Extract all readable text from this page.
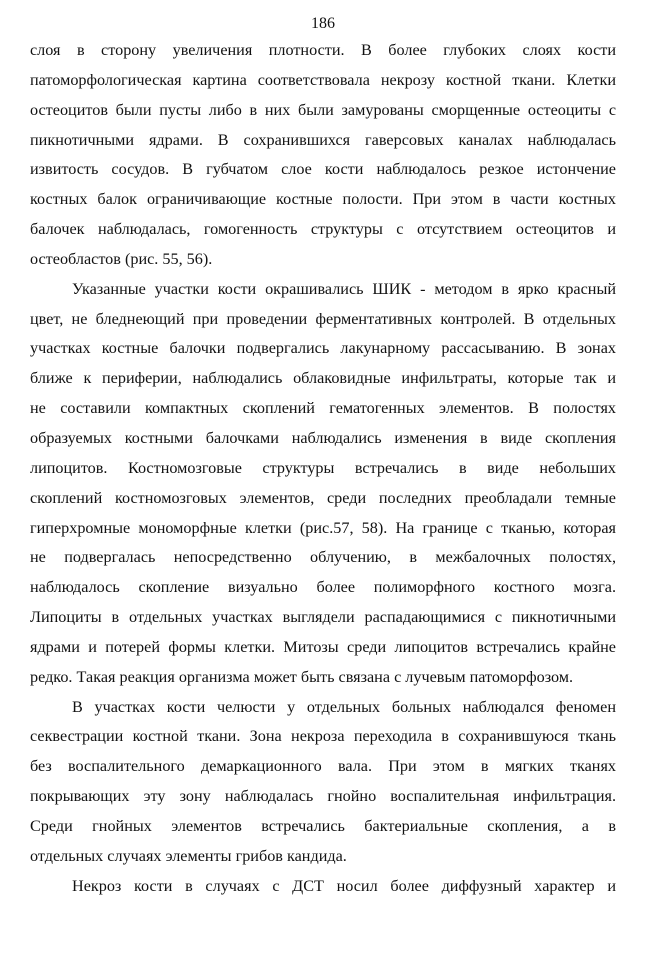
186
слоя в сторону увеличения плотности. В более глубоких слоях кости
патоморфологическая картина соответствовала некрозу костной ткани. Клетки
остеоцитов были пусты либо в них были замурованы сморщенные остеоциты с
пикнотичными ядрами. В сохранившихся гаверсовых каналах наблюдалась
извитость сосудов. В губчатом слое кости наблюдалось резкое истончение
костных балок ограничивающие костные полости. При этом в части костных
балочек наблюдалась, гомогенность структуры с отсутствием остеоцитов и
остеобластов (рис. 55, 56).
Указанные участки кости окрашивались ШИК - методом в ярко красный
цвет, не бледнеющий при проведении ферментативных контролей. В отдельных
участках костные балочки подвергались лакунарному рассасыванию. В зонах
ближе к периферии, наблюдались облаковидные инфильтраты, которые так и
не составили компактных скоплений гематогенных элементов. В полостях
образуемых костными балочками наблюдались изменения в виде скопления
липоцитов. Костномозговые структуры встречались в виде небольших
скоплений костномозговых элементов, среди последних преобладали темные
гиперхромные мономорфные клетки (рис.57, 58). На границе с тканью, которая
не подвергалась непосредственно облучению, в межбалочных полостях,
наблюдалось скопление визуально более полиморфного костного мозга.
Липоциты в отдельных участках выглядели распадающимися с пикнотичными
ядрами и потерей формы клетки. Митозы среди липоцитов встречались крайне
редко. Такая реакция организма может быть связана с лучевым патоморфозом.
В участках кости челюсти у отдельных больных наблюдался феномен
секвестрации костной ткани. Зона некроза переходила в сохранившуюся ткань
без воспалительного демаркационного вала. При этом в мягких тканях
покрывающих эту зону наблюдалась гнойно воспалительная инфильтрация.
Среди гнойных элементов встречались бактериальные скопления, а в
отдельных случаях элементы грибов кандида.
Некроз кости в случаях с ДСТ носил более диффузный характер и
